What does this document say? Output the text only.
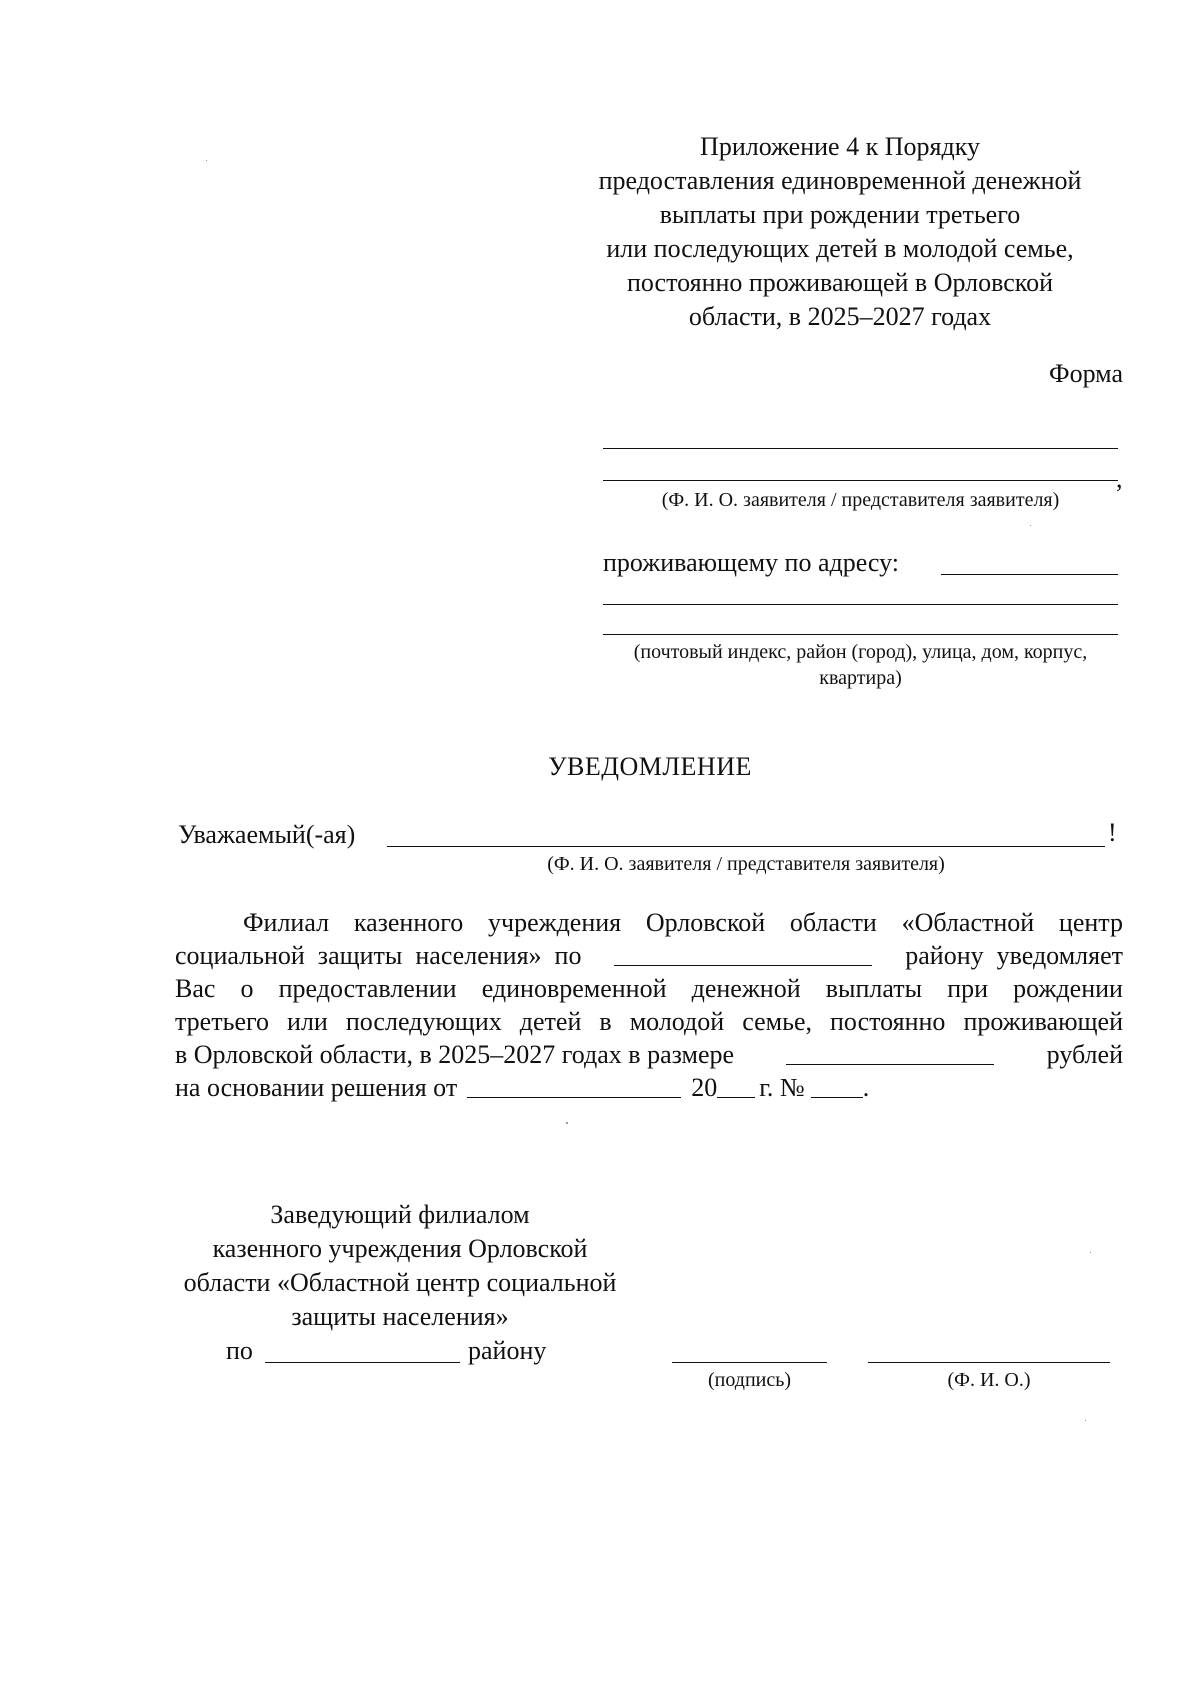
Приложение 4 к Порядку
предоставления единовременной денежной
выплаты при рождении третьего
или последующих детей в молодой семье,
постоянно проживающей в Орловской
области, в 2025–2027 годах
Форма
,
(Ф. И. О. заявителя / представителя заявителя)
проживающему по адресу:
(почтовый индекс, район (город), улица, дом, корпус,
квартира)
УВЕДОМЛЕНИЕ
Уважаемый(-ая)	!
(Ф. И. О. заявителя / представителя заявителя)
Филиал казенного учреждения Орловской области «Областной центр
социальной  защиты  населения»  по	району  уведомляет
Вас о предоставлении единовременной денежной выплаты при рождении
третьего или последующих детей в молодой семье, постоянно проживающей
в Орловской области, в 2025–2027 годах в размере	рублей
на основании решения от	20 г. № .
Заведующий филиалом
казенного учреждения Орловской
области «Областной центр социальной
защиты населения»
по	району
(подпись)	(Ф. И. О.)
